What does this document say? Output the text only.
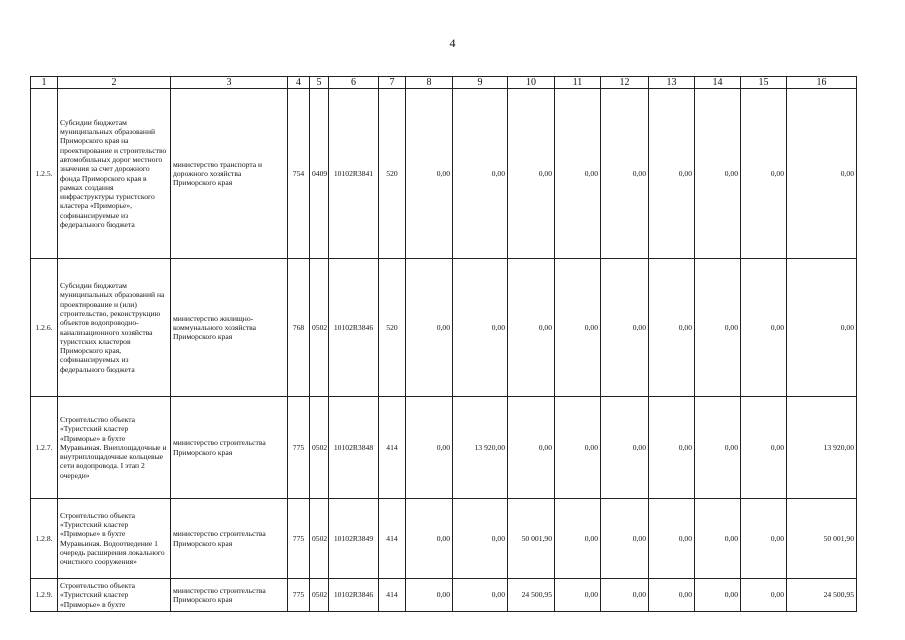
4
1	2	3	4	5	6	7	8	9	10	11	12	13	14	15	16
1.2.5.	Субсидии бюджетам муниципальных образований Приморского края на проектирование и строительство автомобильных дорог местного значения за счет дорожного фонда Приморского края в рамках создания инфраструктуры туристского кластера «Приморье», софинансируемые из федерального бюджета	министерство транспорта и дорожного хозяйства Приморского края	754	0409	10102R3841	520	0,00	0,00	0,00	0,00	0,00	0,00	0,00	0,00	0,00
1.2.6.	Субсидии бюджетам муниципальных образований на проектирование и (или) строительство, реконструкцию объектов водопроводно-канализационного хозяйства туристских кластеров Приморского края, софинансируемых из федерального бюджета	министерство жилищно-коммунального хозяйства Приморского края	768	0502	10102R3846	520	0,00	0,00	0,00	0,00	0,00	0,00	0,00	0,00	0,00
1.2.7.	Строительство объекта «Туристский кластер «Приморье» в бухте Муравьиная. Внеплощадочные и внутриплощадочные кольцевые сети водопровода. I этап 2 очереди»	министерство строительства Приморского края	775	0502	10102R3848	414	0,00	13 920,00	0,00	0,00	0,00	0,00	0,00	0,00	13 920,00
1.2.8.	Строительство объекта «Туристский кластер «Приморье» в бухте Муравьиная. Водоотведение 1 очередь расширения локального очистного сооружения»	министерство строительства Приморского края	775	0502	10102R3849	414	0,00	0,00	50 001,90	0,00	0,00	0,00	0,00	0,00	50 001,90
1.2.9.	Строительство объекта «Туристский кластер «Приморье» в бухте	министерство строительства Приморского края	775	0502	10102R3846	414	0,00	0,00	24 500,95	0,00	0,00	0,00	0,00	0,00	24 500,95
